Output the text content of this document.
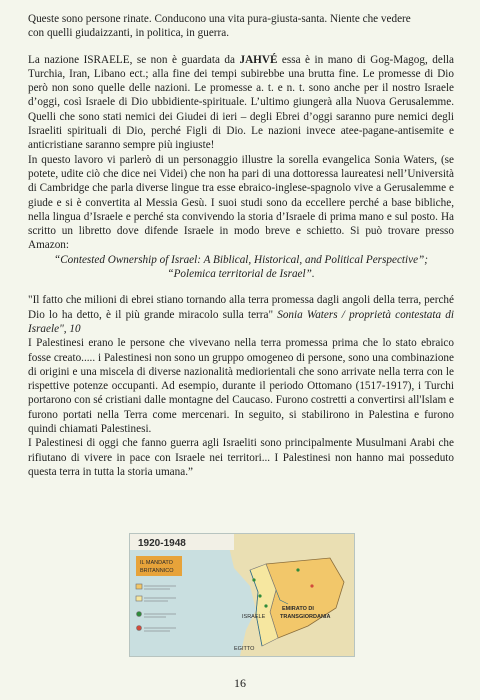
Queste sono persone rinate. Conducono una vita pura-giusta-santa. Niente che vedere
con quelli giudaizzanti, in politica, in guerra.

La nazione ISRAELE, se non è guardata da JAHVÉ essa è in mano di Gog-Magog, della Turchia, Iran, Libano ect.; alla fine dei tempi subirebbe una brutta fine. Le promesse di Dio però non sono quelle delle nazioni. Le promesse a. t. e n. t. sono anche per il nostro Israele d’oggi, così Israele di Dio ubbidiente-spirituale. L’ultimo giungerà alla Nuova Gerusalemme. Quelli che sono stati nemici dei Giudei di ieri – degli Ebrei d’oggi saranno pure nemici degli Israeliti spirituali di Dio, perché Figli di Dio. Le nazioni invece atee-pagane-antisemite e anticristiane saranno sempre più ingiuste!

In questo lavoro vi parlerò di un personaggio illustre la sorella evangelica Sonia Waters, (se potete, udite ciò che dice nei Videi) che non ha pari di una dottoressa laureatesi nell’Università di Cambridge che parla diverse lingue tra esse ebraico-inglese-spagnolo vive a Gerusalemme e giude e si è convertita al Messia Gesù. I suoi studi sono da eccellere perché a base bibliche, nella lingua d’Israele e perché sta convivendo la storia d’Israele di prima mano e sul posto. Ha scritto un libretto dove difende Israele in modo breve e schietto. Si può trovare presso Amazon:

“Contested Ownership of Israel: A Biblical, Historical, and Political Perspective”;

“Polemica territorial de Israel”.

"Il fatto che milioni di ebrei stiano tornando alla terra promessa dagli angoli della terra, perché Dio lo ha detto, è il più grande miracolo sulla terra" Sonia Waters / proprietà contestata di Israele", 10

I Palestinesi erano le persone che vivevano nella terra promessa prima che lo stato ebraico fosse creato..... i Palestinesi non sono un gruppo omogeneo di persone, sono una combinazione di origini e una miscela di diverse nazionalità mediorientali che sono arrivate nella terra con le rispettive potenze occupanti. Ad esempio, durante il periodo Ottomano (1517-1917), i Turchi portarono con sé cristiani dalle montagne del Caucaso. Furono costretti a convertirsi all'Islam e furono portati nella Terra come mercenari. In seguito, si stabilirono in Palestina e furono quindi chiamati Palestinesi.

I Palestinesi di oggi che fanno guerra agli Israeliti sono principalmente Musulmani Arabi che rifiutano di vivere in pace con Israele nei territori... I Palestinesi non hanno mai posseduto questa terra in tutta la storia umana.”

1920-1948
IL MANDATO
BRITANNICO
EMIRATO DI
TRANSGIORDANIA
ISRAELE
EGITTO
16
